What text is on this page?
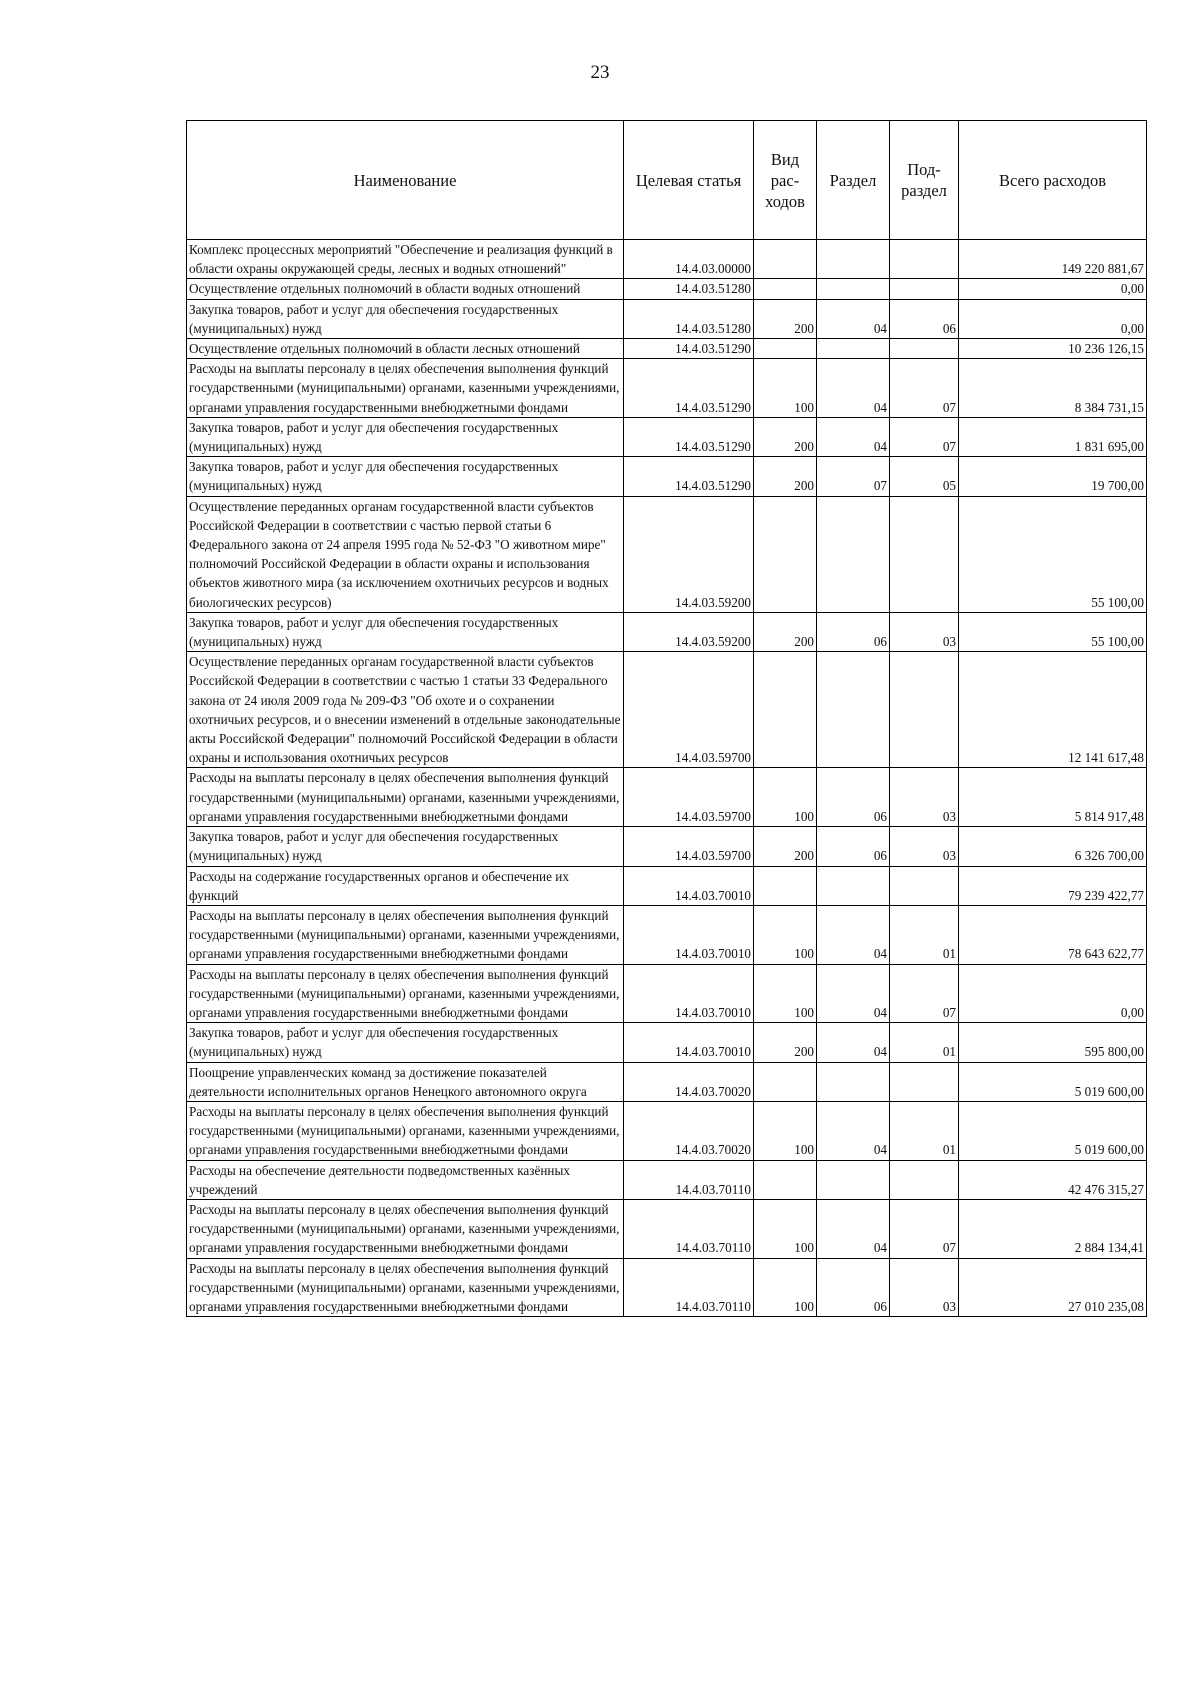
23
Наименование	Целевая статья	Вид рас-ходов	Раздел	Под-раздел	Всего расходов
Комплекс процессных мероприятий "Обеспечение и реализация функций в области охраны окружающей среды, лесных и водных отношений"	14.4.03.00000				149 220 881,67
Осуществление отдельных полномочий в области водных отношений	14.4.03.51280				0,00
Закупка товаров, работ и услуг для обеспечения государственных (муниципальных) нужд	14.4.03.51280	200	04	06	0,00
Осуществление отдельных полномочий в области лесных отношений	14.4.03.51290				10 236 126,15
Расходы на выплаты персоналу в целях обеспечения выполнения функций государственными (муниципальными) органами, казенными учреждениями, органами управления государственными внебюджетными фондами	14.4.03.51290	100	04	07	8 384 731,15
Закупка товаров, работ и услуг для обеспечения государственных (муниципальных) нужд	14.4.03.51290	200	04	07	1 831 695,00
Закупка товаров, работ и услуг для обеспечения государственных (муниципальных) нужд	14.4.03.51290	200	07	05	19 700,00
Осуществление переданных органам государственной власти субъектов Российской Федерации в соответствии с частью первой статьи 6 Федерального закона от 24 апреля 1995 года № 52-ФЗ "О животном мире" полномочий Российской Федерации в области охраны и использования объектов животного мира (за исключением охотничьих ресурсов и водных биологических ресурсов)	14.4.03.59200				55 100,00
Закупка товаров, работ и услуг для обеспечения государственных (муниципальных) нужд	14.4.03.59200	200	06	03	55 100,00
Осуществление переданных органам государственной власти субъектов Российской Федерации в соответствии с частью 1 статьи 33 Федерального закона от 24 июля 2009 года № 209-ФЗ "Об охоте и о сохранении охотничьих ресурсов, и о внесении изменений в отдельные законодательные акты Российской Федерации" полномочий Российской Федерации в области охраны и использования охотничьих ресурсов	14.4.03.59700				12 141 617,48
Расходы на выплаты персоналу в целях обеспечения выполнения функций государственными (муниципальными) органами, казенными учреждениями, органами управления государственными внебюджетными фондами	14.4.03.59700	100	06	03	5 814 917,48
Закупка товаров, работ и услуг для обеспечения государственных (муниципальных) нужд	14.4.03.59700	200	06	03	6 326 700,00
Расходы на содержание государственных органов и обеспечение их функций	14.4.03.70010				79 239 422,77
Расходы на выплаты персоналу в целях обеспечения выполнения функций государственными (муниципальными) органами, казенными учреждениями, органами управления государственными внебюджетными фондами	14.4.03.70010	100	04	01	78 643 622,77
Расходы на выплаты персоналу в целях обеспечения выполнения функций государственными (муниципальными) органами, казенными учреждениями, органами управления государственными внебюджетными фондами	14.4.03.70010	100	04	07	0,00
Закупка товаров, работ и услуг для обеспечения государственных (муниципальных) нужд	14.4.03.70010	200	04	01	595 800,00
Поощрение управленческих команд за достижение показателей деятельности исполнительных органов Ненецкого автономного округа	14.4.03.70020				5 019 600,00
Расходы на выплаты персоналу в целях обеспечения выполнения функций государственными (муниципальными) органами, казенными учреждениями, органами управления государственными внебюджетными фондами	14.4.03.70020	100	04	01	5 019 600,00
Расходы на обеспечение деятельности подведомственных казённых учреждений	14.4.03.70110				42 476 315,27
Расходы на выплаты персоналу в целях обеспечения выполнения функций государственными (муниципальными) органами, казенными учреждениями, органами управления государственными внебюджетными фондами	14.4.03.70110	100	04	07	2 884 134,41
Расходы на выплаты персоналу в целях обеспечения выполнения функций государственными (муниципальными) органами, казенными учреждениями, органами управления государственными внебюджетными фондами	14.4.03.70110	100	06	03	27 010 235,08
